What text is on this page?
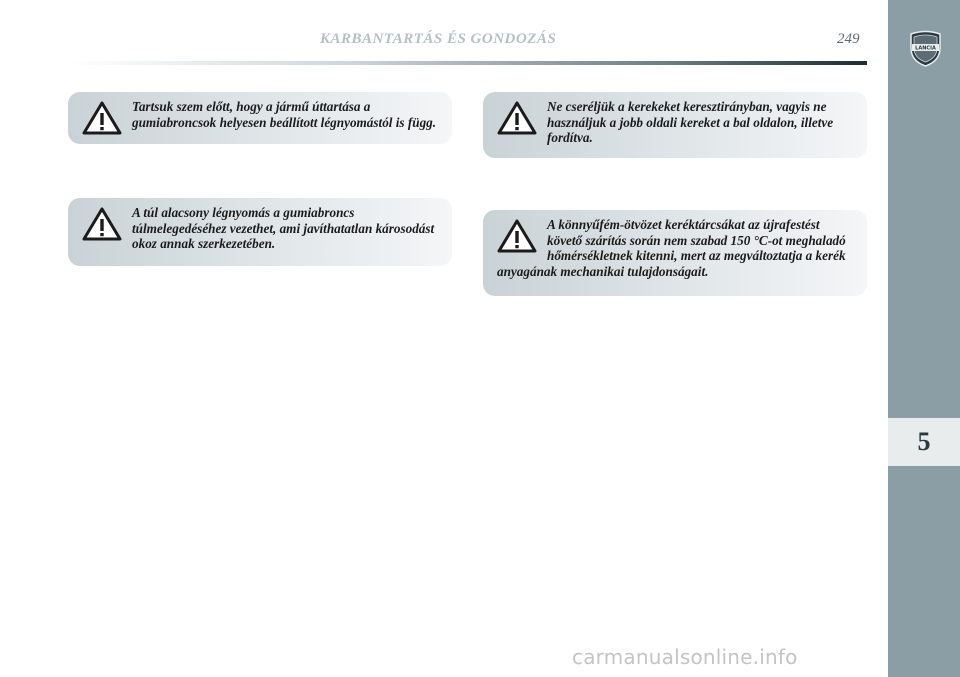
KARBANTARTÁS ÉS GONDOZÁS	249
LANCIA
5

Tartsuk szem előtt, hogy a jármű úttartása a gumiabroncsok helyesen beállított légnyomástól is függ.

A túl alacsony légnyomás a gumiabroncs túlmelegedéséhez vezethet, ami javíthatatlan károsodást okoz annak szerkezetében.

Ne cseréljük a kerekeket keresztirányban, vagyis ne használjuk a jobb oldali kereket a bal oldalon, illetve fordítva.

A könnyűfém-ötvözet keréktárcsákat az újrafestést követő szárítás során nem szabad 150 °C-ot meghaladó hőmérsékletnek kitenni, mert az megváltoztatja a kerék anyagának mechanikai tulajdonságait.

carmanualsonline.info
